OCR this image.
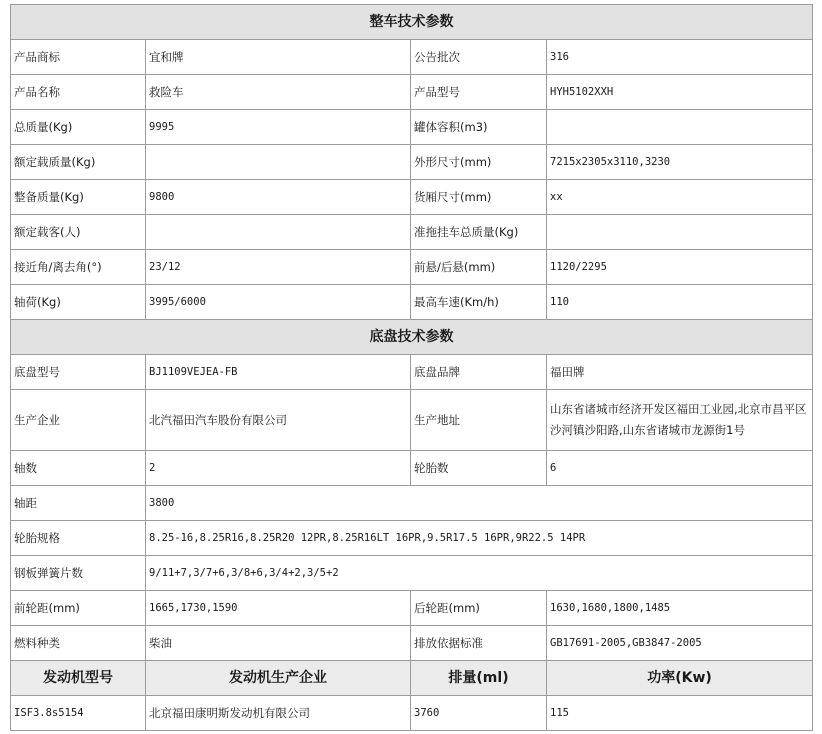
整车技术参数			
产品商标	宜和牌	公告批次	316
产品名称	救险车	产品型号	HYH5102XXH
总质量(Kg)	9995	罐体容积(m3)	
额定载质量(Kg)		外形尺寸(mm)	7215x2305x3110,3230
整备质量(Kg)	9800	货厢尺寸(mm)	xx
额定载客(人)		准拖挂车总质量(Kg)	
接近角/离去角(°)	23/12	前悬/后悬(mm)	1120/2295
轴荷(Kg)	3995/6000	最高车速(Km/h)	110
底盘技术参数			
底盘型号	BJ1109VEJEA-FB	底盘品牌	福田牌
生产企业	北汽福田汽车股份有限公司	生产地址	山东省诸城市经济开发区福田工业园,北京市昌平区沙河镇沙阳路,山东省诸城市龙源街1号
轴数	2	轮胎数	6
轴距	3800		
轮胎规格	8.25-16,8.25R16,8.25R20 12PR,8.25R16LT 16PR,9.5R17.5 16PR,9R22.5 14PR		
钢板弹簧片数	9/11+7,3/7+6,3/8+6,3/4+2,3/5+2		
前轮距(mm)	1665,1730,1590	后轮距(mm)	1630,1680,1800,1485
燃料种类	柴油	排放依据标准	GB17691-2005,GB3847-2005
发动机型号	发动机生产企业	排量(ml)	功率(Kw)
ISF3.8s5154	北京福田康明斯发动机有限公司	3760	115
